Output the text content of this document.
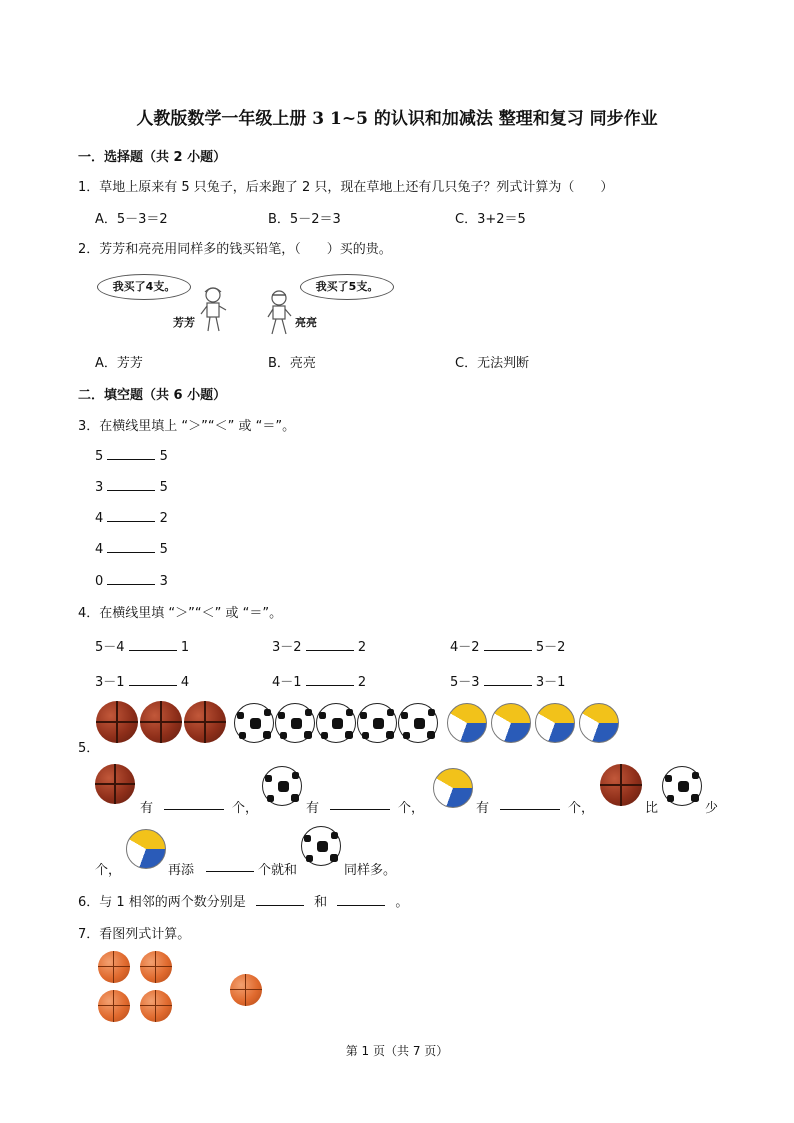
人教版数学一年级上册 3 1~5 的认识和加减法 整理和复习 同步作业
一．选择题（共 2 小题）
1．草地上原来有 5 只兔子，后来跑了 2 只，现在草地上还有几只兔子？列式计算为（　　）
A．5－3＝2	B．5－2＝3	C．3+2＝5
2．芳芳和亮亮用同样多的钱买铅笔，（　　）买的贵。
我买了4支。
芳芳	亮亮
我买了5支。
A．芳芳	B．亮亮	C．无法判断
二．填空题（共 6 小题）
3．在横线里填上 “＞”“＜” 或 “＝”。
5	5
3	5
4	2
4	5
0	3
4．在横线里填 “＞”“＜” 或 “＝”。
5－4	1	3－2	2	4－2	5－2
3－1	4	4－1	2	5－3	3－1
5．
有	个，	有	个，	有	个，	比	少
个，	再添	个就和	同样多。
6．与 1 相邻的两个数分别是	和	。
7．看图列式计算。
第 1 页（共 7 页）
